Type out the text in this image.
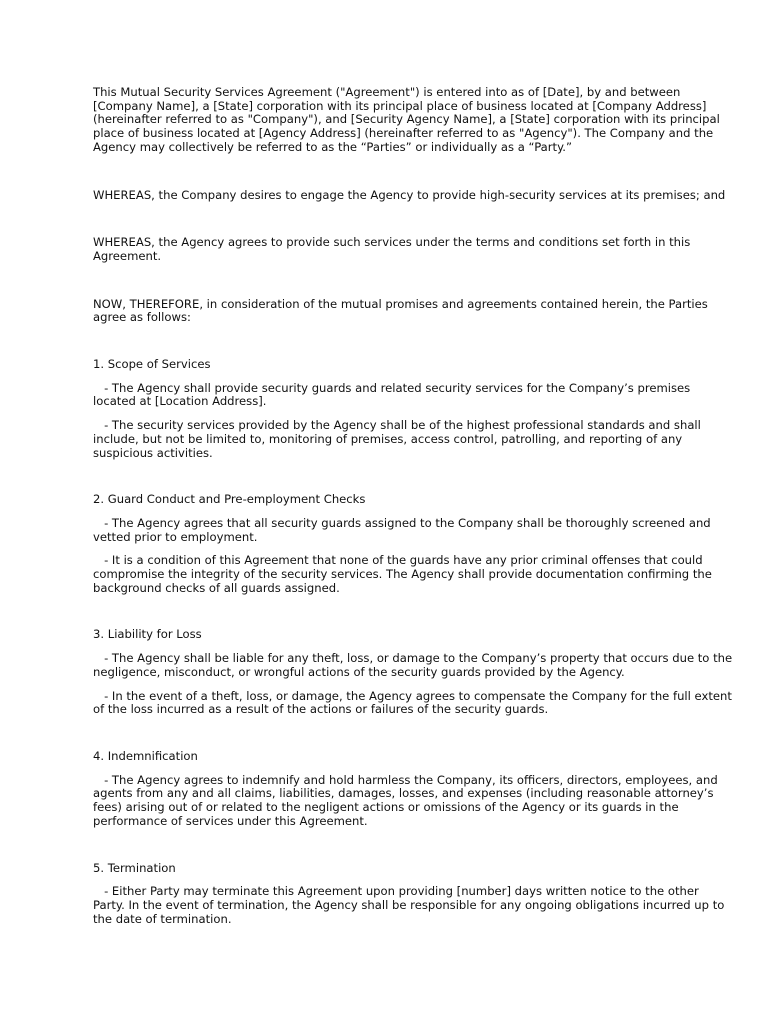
This Mutual Security Services Agreement ("Agreement") is entered into as of [Date], by and between [Company Name], a [State] corporation with its principal place of business located at [Company Address] (hereinafter referred to as "Company"), and [Security Agency Name], a [State] corporation with its principal place of business located at [Agency Address] (hereinafter referred to as "Agency"). The Company and the Agency may collectively be referred to as the “Parties” or individually as a “Party.”

WHEREAS, the Company desires to engage the Agency to provide high-security services at its premises; and

WHEREAS, the Agency agrees to provide such services under the terms and conditions set forth in this Agreement.

NOW, THEREFORE, in consideration of the mutual promises and agreements contained herein, the Parties agree as follows:

1. Scope of Services

- The Agency shall provide security guards and related security services for the Company’s premises located at [Location Address].

- The security services provided by the Agency shall be of the highest professional standards and shall include, but not be limited to, monitoring of premises, access control, patrolling, and reporting of any suspicious activities.

2. Guard Conduct and Pre-employment Checks

- The Agency agrees that all security guards assigned to the Company shall be thoroughly screened and vetted prior to employment.

- It is a condition of this Agreement that none of the guards have any prior criminal offenses that could compromise the integrity of the security services. The Agency shall provide documentation confirming the background checks of all guards assigned.

3. Liability for Loss

- The Agency shall be liable for any theft, loss, or damage to the Company’s property that occurs due to the negligence, misconduct, or wrongful actions of the security guards provided by the Agency.

- In the event of a theft, loss, or damage, the Agency agrees to compensate the Company for the full extent of the loss incurred as a result of the actions or failures of the security guards.

4. Indemnification

- The Agency agrees to indemnify and hold harmless the Company, its officers, directors, employees, and agents from any and all claims, liabilities, damages, losses, and expenses (including reasonable attorney’s fees) arising out of or related to the negligent actions or omissions of the Agency or its guards in the performance of services under this Agreement.

5. Termination

- Either Party may terminate this Agreement upon providing [number] days written notice to the other Party. In the event of termination, the Agency shall be responsible for any ongoing obligations incurred up to the date of termination.
